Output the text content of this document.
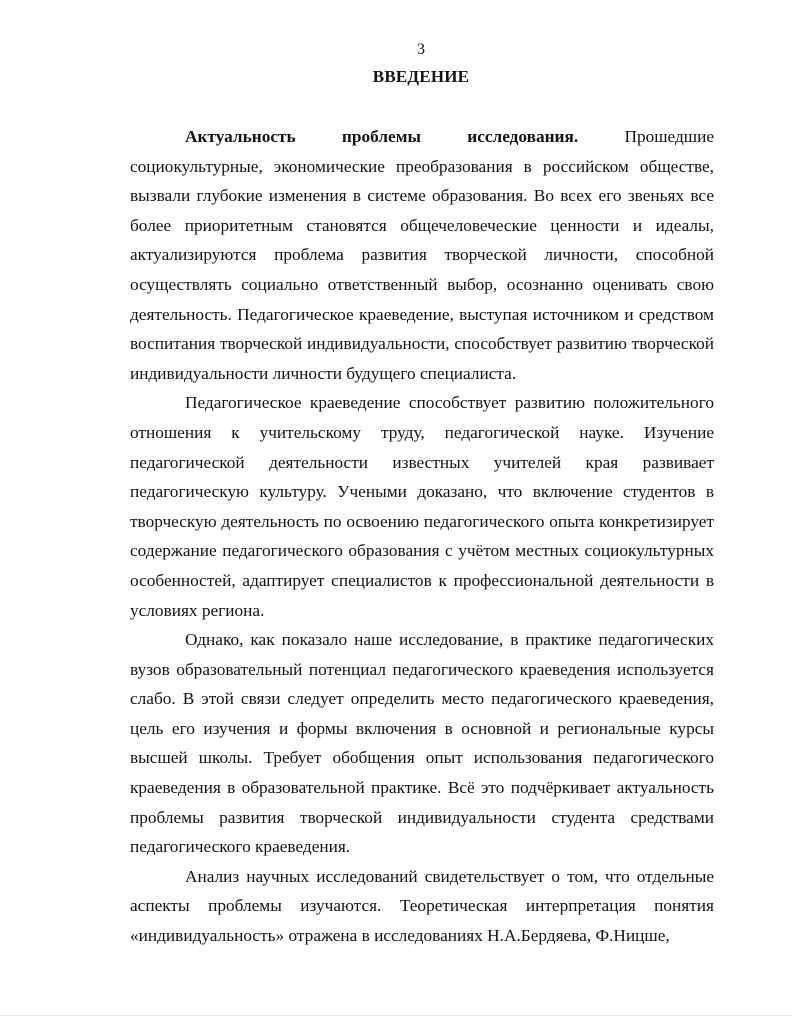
3
ВВЕДЕНИЕ

Актуальность проблемы исследования. Прошедшие социокультурные, экономические преобразования в российском обществе, вызвали глубокие изменения в системе образования. Во всех его звеньях все более приоритетным становятся общечеловеческие ценности и идеалы, актуализируются проблема развития творческой личности, способной осуществлять социально ответственный выбор, осознанно оценивать свою деятельность. Педагогическое краеведение, выступая источником и средством воспитания творческой индивидуальности, способствует развитию творческой индивидуальности личности будущего специалиста.

Педагогическое краеведение способствует развитию положительного отношения к учительскому труду, педагогической науке. Изучение педагогической деятельности известных учителей края развивает педагогическую культуру. Учеными доказано, что включение студентов в творческую деятельность по освоению педагогического опыта конкретизирует содержание педагогического образования с учётом местных социокультурных особенностей, адаптирует специалистов к профессиональной деятельности в условиях региона.

Однако, как показало наше исследование, в практике педагогических вузов образовательный потенциал педагогического краеведения используется слабо. В этой связи следует определить место педагогического краеведения, цель его изучения и формы включения в основной и региональные курсы высшей школы. Требует обобщения опыт использования педагогического краеведения в образовательной практике. Всё это подчёркивает актуальность проблемы развития творческой индивидуальности студента средствами педагогического краеведения.

Анализ научных исследований свидетельствует о том, что отдельные аспекты проблемы изучаются. Теоретическая интерпретация понятия «индивидуальность» отражена в исследованиях Н.А.Бердяева, Ф.Ницше,
